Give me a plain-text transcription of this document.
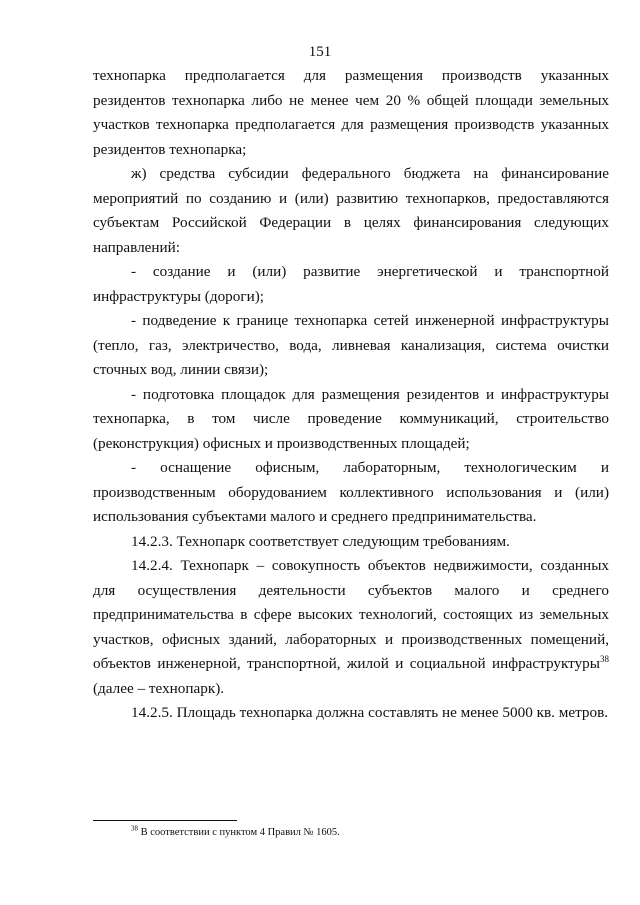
151

технопарка предполагается для размещения производств указанных резидентов технопарка либо не менее чем 20 % общей площади земельных участков технопарка предполагается для размещения производств указанных резидентов технопарка;

ж) средства субсидии федерального бюджета на финансирование мероприятий по созданию и (или) развитию технопарков, предоставляются субъектам Российской Федерации в целях финансирования следующих направлений:

- создание и (или) развитие энергетической и транспортной инфраструктуры (дороги);

- подведение к границе технопарка сетей инженерной инфраструктуры (тепло, газ, электричество, вода, ливневая канализация, система очистки сточных вод, линии связи);

- подготовка площадок для размещения резидентов и инфраструктуры технопарка, в том числе проведение коммуникаций, строительство (реконструкция) офисных и производственных площадей;

- оснащение офисным, лабораторным, технологическим и производственным оборудованием коллективного использования и (или) использования субъектами малого и среднего предпринимательства.

14.2.3. Технопарк соответствует следующим требованиям.

14.2.4. Технопарк – совокупность объектов недвижимости, созданных для осуществления деятельности субъектов малого и среднего предпринимательства в сфере высоких технологий, состоящих из земельных участков, офисных зданий, лабораторных и производственных помещений, объектов инженерной, транспортной, жилой и социальной инфраструктуры$^{38}$ (далее – технопарк).

14.2.5. Площадь технопарка должна составлять не менее 5000 кв. метров.

$^{38}$ В соответствии с пунктом 4 Правил № 1605.
